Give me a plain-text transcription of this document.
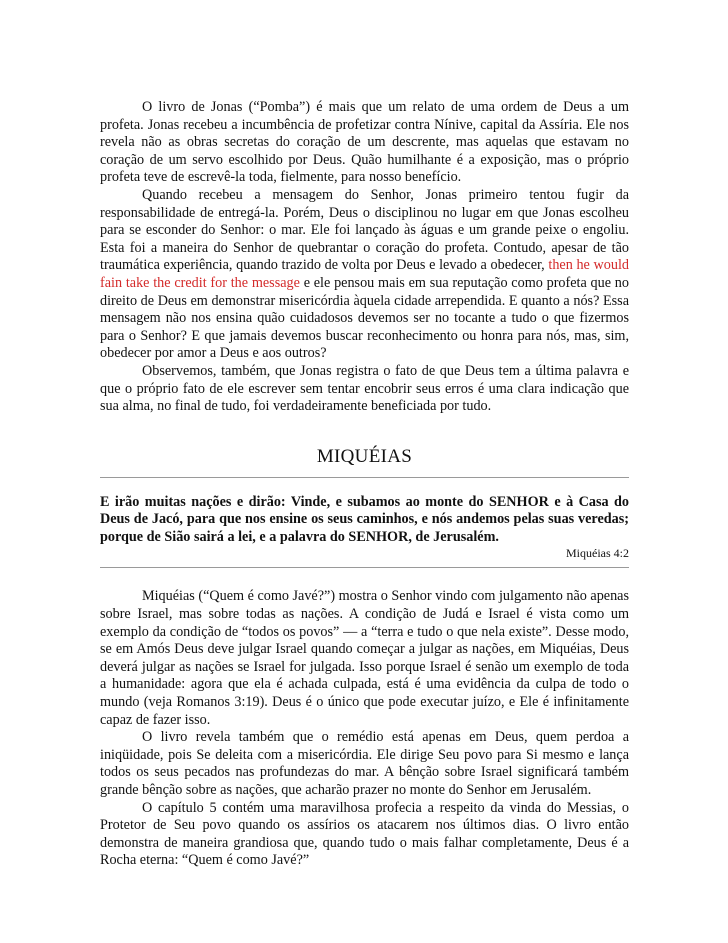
O livro de Jonas (“Pomba”) é mais que um relato de uma ordem de Deus a um profeta. Jonas recebeu a incumbência de profetizar contra Nínive, capital da Assíria. Ele nos revela não as obras secretas do coração de um descrente, mas aquelas que estavam no coração de um servo escolhido por Deus. Quão humilhante é a exposição, mas o próprio profeta teve de escrevê-la toda, fielmente, para nosso benefício.

Quando recebeu a mensagem do Senhor, Jonas primeiro tentou fugir da responsabilidade de entregá-la. Porém, Deus o disciplinou no lugar em que Jonas escolheu para se esconder do Senhor: o mar. Ele foi lançado às águas e um grande peixe o engoliu. Esta foi a maneira do Senhor de quebrantar o coração do profeta. Contudo, apesar de tão traumática experiência, quando trazido de volta por Deus e levado a obedecer, then he would fain take the credit for the message e ele pensou mais em sua reputação como profeta que no direito de Deus em demonstrar misericórdia àquela cidade arrependida. E quanto a nós? Essa mensagem não nos ensina quão cuidadosos devemos ser no tocante a tudo o que fizermos para o Senhor? E que jamais devemos buscar reconhecimento ou honra para nós, mas, sim, obedecer por amor a Deus e aos outros?

Observemos, também, que Jonas registra o fato de que Deus tem a última palavra e que o próprio fato de ele escrever sem tentar encobrir seus erros é uma clara indicação que sua alma, no final de tudo, foi verdadeiramente beneficiada por tudo.

MIQUÉIAS

E irão muitas nações e dirão: Vinde, e subamos ao monte do SENHOR e à Casa do Deus de Jacó, para que nos ensine os seus caminhos, e nós andemos pelas suas veredas; porque de Sião sairá a lei, e a palavra do SENHOR, de Jerusalém.

Miquéias 4:2

Miquéias (“Quem é como Javé?”) mostra o Senhor vindo com julgamento não apenas sobre Israel, mas sobre todas as nações. A condição de Judá e Israel é vista como um exemplo da condição de “todos os povos” — a “terra e tudo o que nela existe”. Desse modo, se em Amós Deus deve julgar Israel quando começar a julgar as nações, em Miquéias, Deus deverá julgar as nações se Israel for julgada. Isso porque Israel é senão um exemplo de toda a humanidade: agora que ela é achada culpada, está é uma evidência da culpa de todo o mundo (veja Romanos 3:19). Deus é o único que pode executar juízo, e Ele é infinitamente capaz de fazer isso.

O livro revela também que o remédio está apenas em Deus, quem perdoa a iniqüidade, pois Se deleita com a misericórdia. Ele dirige Seu povo para Si mesmo e lança todos os seus pecados nas profundezas do mar. A bênção sobre Israel significará também grande bênção sobre as nações, que acharão prazer no monte do Senhor em Jerusalém.

O capítulo 5 contém uma maravilhosa profecia a respeito da vinda do Messias, o Protetor de Seu povo quando os assírios os atacarem nos últimos dias. O livro então demonstra de maneira grandiosa que, quando tudo o mais falhar completamente, Deus é a Rocha eterna: “Quem é como Javé?”
